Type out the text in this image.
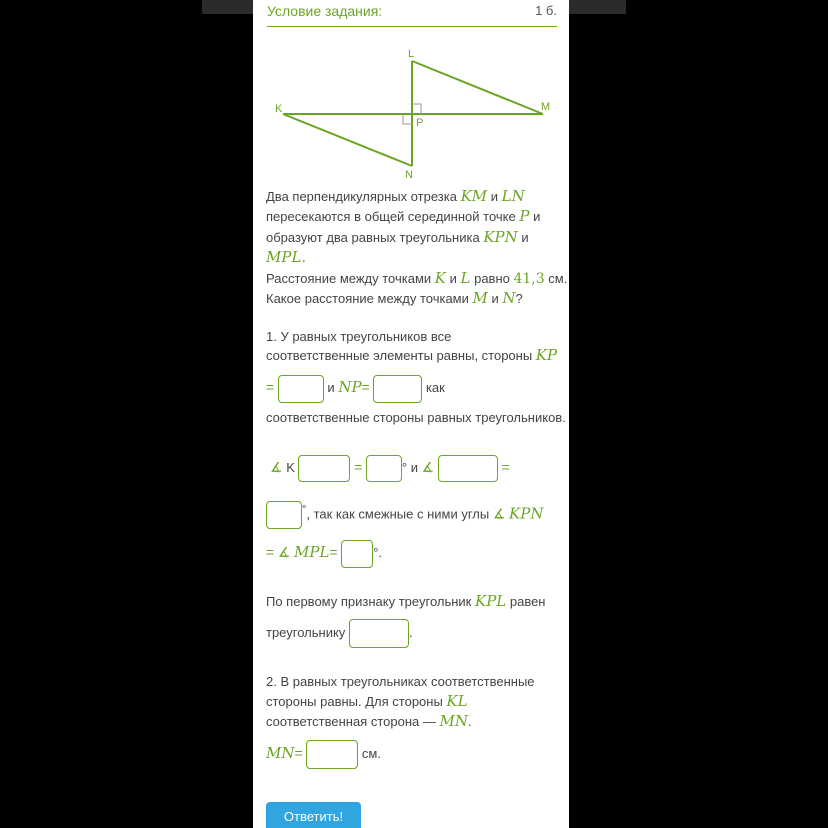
Условие задания:	1 б.
L
K	M
P
N
Два перпендикулярных отрезка KM и LN
пересекаются в общей серединной точке P и
образуют два равных треугольника KPN и
MPL.
Расстояние между точками K и L равно 41,3 см.
Какое расстояние между точками M и N?
1. У равных треугольников все
соответственные элементы равны, стороны KP
=	и NP=	как
соответственные стороны равных треугольников.
∡ K	=	° и ∡	=
°, так как смежные с ними углы ∡ KPN
= ∡ MPL=	°.
По первому признаку треугольник KPL равен
треугольнику	.
2. В равных треугольниках соответственные
стороны равны. Для стороны KL
соответственная сторона — MN.
MN=	см.
Ответить!
